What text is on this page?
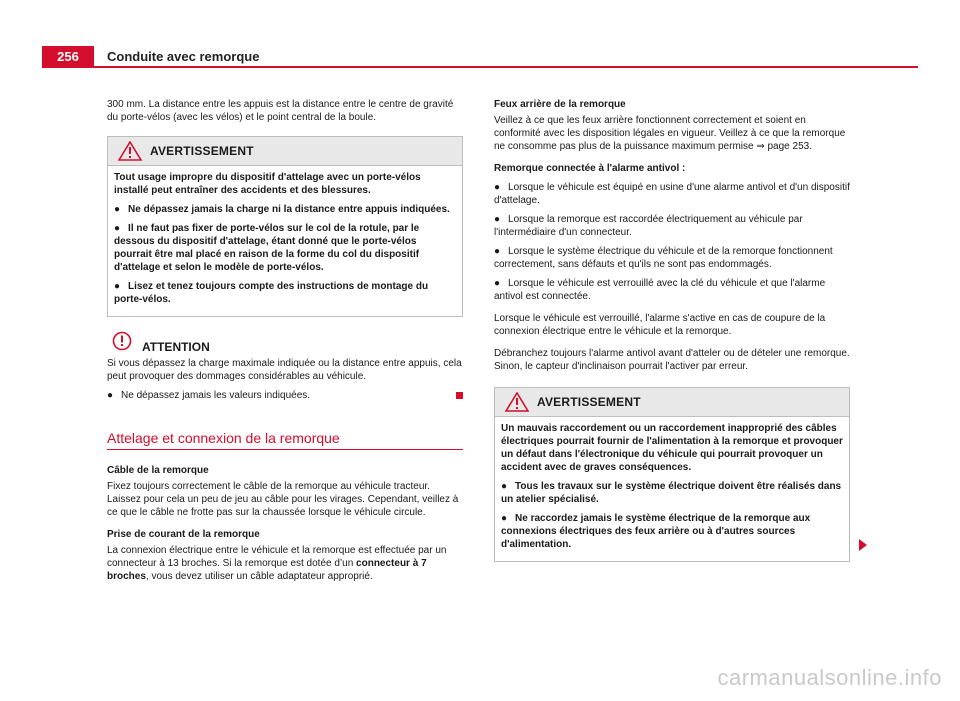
256	Conduite avec remorque

300 mm. La distance entre les appuis est la distance entre le centre de gravité du porte-vélos (avec les vélos) et le point central de la boule.

AVERTISSEMENT

Tout usage impropre du dispositif d'attelage avec un porte-vélos installé peut entraîner des accidents et des blessures.

● Ne dépassez jamais la charge ni la distance entre appuis indiquées.

● Il ne faut pas fixer de porte-vélos sur le col de la rotule, par le dessous du dispositif d'attelage, étant donné que le porte-vélos pourrait être mal placé en raison de la forme du col du dispositif d'attelage et selon le modèle de porte-vélos.

● Lisez et tenez toujours compte des instructions de montage du porte-vélos.

ATTENTION

Si vous dépassez la charge maximale indiquée ou la distance entre appuis, cela peut provoquer des dommages considérables au véhicule.

● Ne dépassez jamais les valeurs indiquées.

Attelage et connexion de la remorque

Câble de la remorque

Fixez toujours correctement le câble de la remorque au véhicule tracteur. Laissez pour cela un peu de jeu au câble pour les virages. Cependant, veillez à ce que le câble ne frotte pas sur la chaussée lorsque le véhicule circule.

Prise de courant de la remorque

La connexion électrique entre le véhicule et la remorque est effectuée par un connecteur à 13 broches. Si la remorque est dotée d’un connecteur à 7 broches, vous devez utiliser un câble adaptateur approprié.

Feux arrière de la remorque

Veillez à ce que les feux arrière fonctionnent correctement et soient en conformité avec les disposition légales en vigueur. Veillez à ce que la remorque ne consomme pas plus de la puissance maximum permise ⇒ page 253.

Remorque connectée à l'alarme antivol :

● Lorsque le véhicule est équipé en usine d'une alarme antivol et d'un dispositif d'attelage.

● Lorsque la remorque est raccordée électriquement au véhicule par l'intermédiaire d'un connecteur.

● Lorsque le système électrique du véhicule et de la remorque fonctionnent correctement, sans défauts et qu'ils ne sont pas endommagés.

● Lorsque le véhicule est verrouillé avec la clé du véhicule et que l'alarme antivol est connectée.

Lorsque le véhicule est verrouillé, l'alarme s'active en cas de coupure de la connexion électrique entre le véhicule et la remorque.

Débranchez toujours l'alarme antivol avant d'atteler ou de dételer une remorque. Sinon, le capteur d'inclinaison pourrait l'activer par erreur.

AVERTISSEMENT

Un mauvais raccordement ou un raccordement inapproprié des câbles électriques pourrait fournir de l'alimentation à la remorque et provoquer un défaut dans l'électronique du véhicule qui pourrait provoquer un accident avec de graves conséquences.

● Tous les travaux sur le système électrique doivent être réalisés dans un atelier spécialisé.

● Ne raccordez jamais le système électrique de la remorque aux connexions électriques des feux arrière ou à d'autres sources d'alimentation.

carmanualsonline.info
